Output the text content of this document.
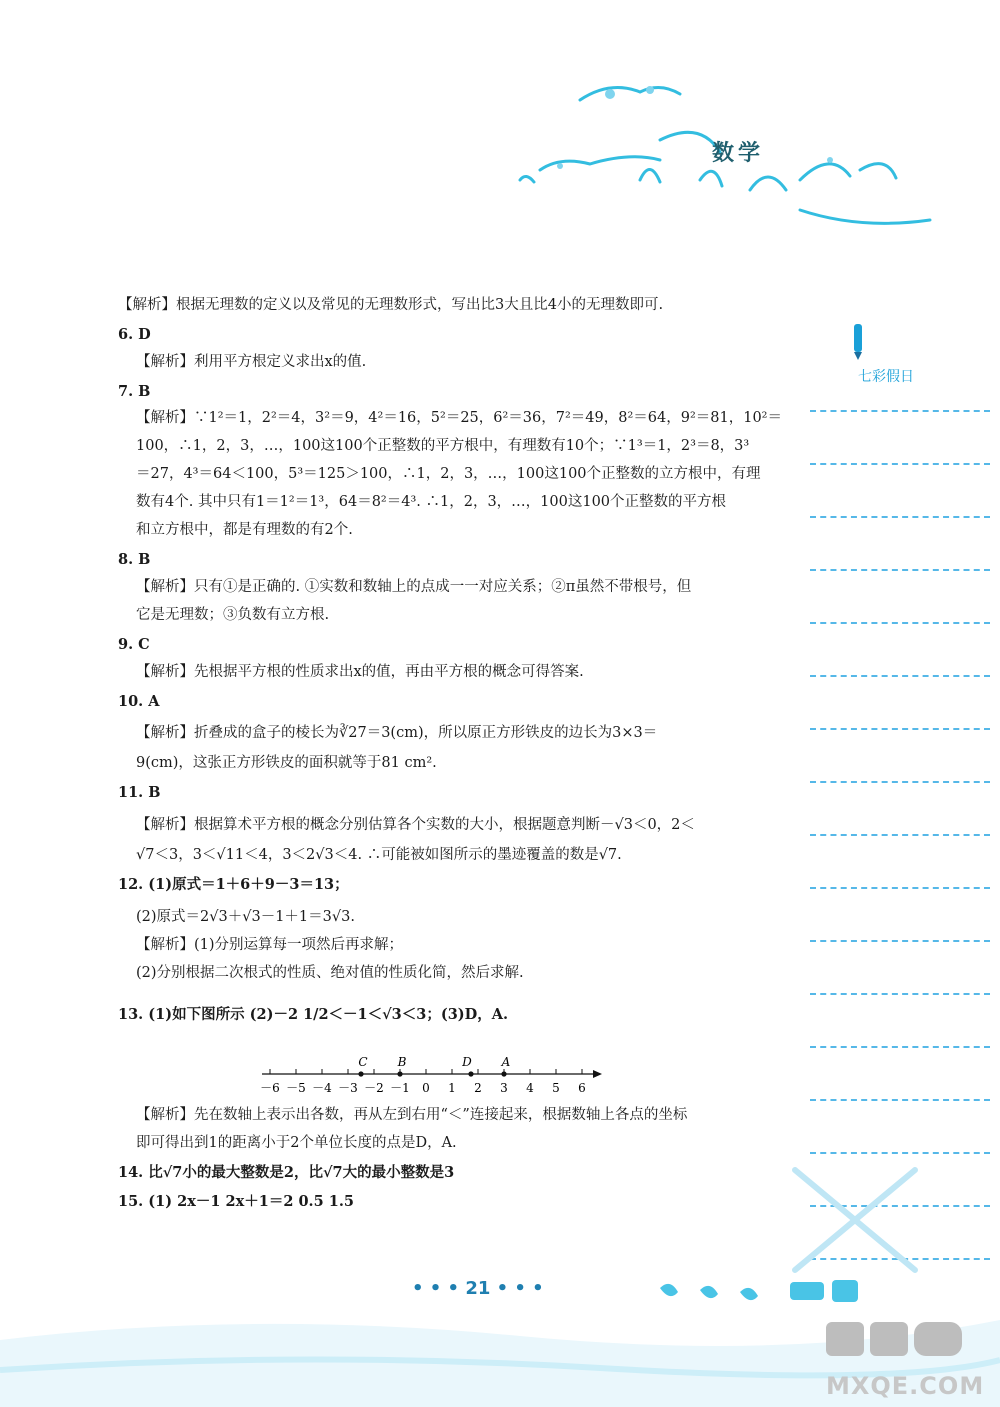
数学
七彩假日
【解析】根据无理数的定义以及常见的无理数形式，写出比3大且比4小的无理数即可.
6. D
【解析】利用平方根定义求出x的值.
7. B
【解析】∵1²＝1，2²＝4，3²＝9，4²＝16，5²＝25，6²＝36，7²＝49，8²＝64，9²＝81，10²＝
100，∴1，2，3，…，100这100个正整数的平方根中，有理数有10个；∵1³＝1，2³＝8，3³
＝27，4³＝64＜100，5³＝125＞100，∴1，2，3，…，100这100个正整数的立方根中，有理
数有4个. 其中只有1＝1²＝1³，64＝8²＝4³. ∴1，2，3，…，100这100个正整数的平方根
和立方根中，都是有理数的有2个.
8. B
【解析】只有①是正确的. ①实数和数轴上的点成一一对应关系；②π虽然不带根号，但
它是无理数；③负数有立方根.
9. C
【解析】先根据平方根的性质求出x的值，再由平方根的概念可得答案.
10. A
【解析】折叠成的盒子的棱长为∛27＝3(cm)，所以原正方形铁皮的边长为3×3＝
9(cm)，这张正方形铁皮的面积就等于81 cm².
11. B
【解析】根据算术平方根的概念分别估算各个实数的大小，根据题意判断－√3＜0，2＜
√7＜3，3＜√11＜4，3＜2√3＜4. ∴可能被如图所示的墨迹覆盖的数是√7.
12. (1)原式＝1＋6＋9－3＝13；
(2)原式＝2√3＋√3－1＋1＝3√3.
【解析】(1)分别运算每一项然后再求解；
(2)分别根据二次根式的性质、绝对值的性质化简，然后求解.
13. (1)如下图所示 (2)－2 1/2＜－1＜√3＜3；(3)D，A.
【解析】先在数轴上表示出各数，再从左到右用“＜”连接起来，根据数轴上各点的坐标
即可得出到1的距离小于2个单位长度的点是D，A.
14. 比√7小的最大整数是2，比√7大的最小整数是3
15. (1) 2x－1 2x＋1＝2 0.5 1.5
－6 －5 －4 －3 －2 －1 0 1 2 3 4 5 6
C B	D A
• • • 21 • • •
MXQE.COM
